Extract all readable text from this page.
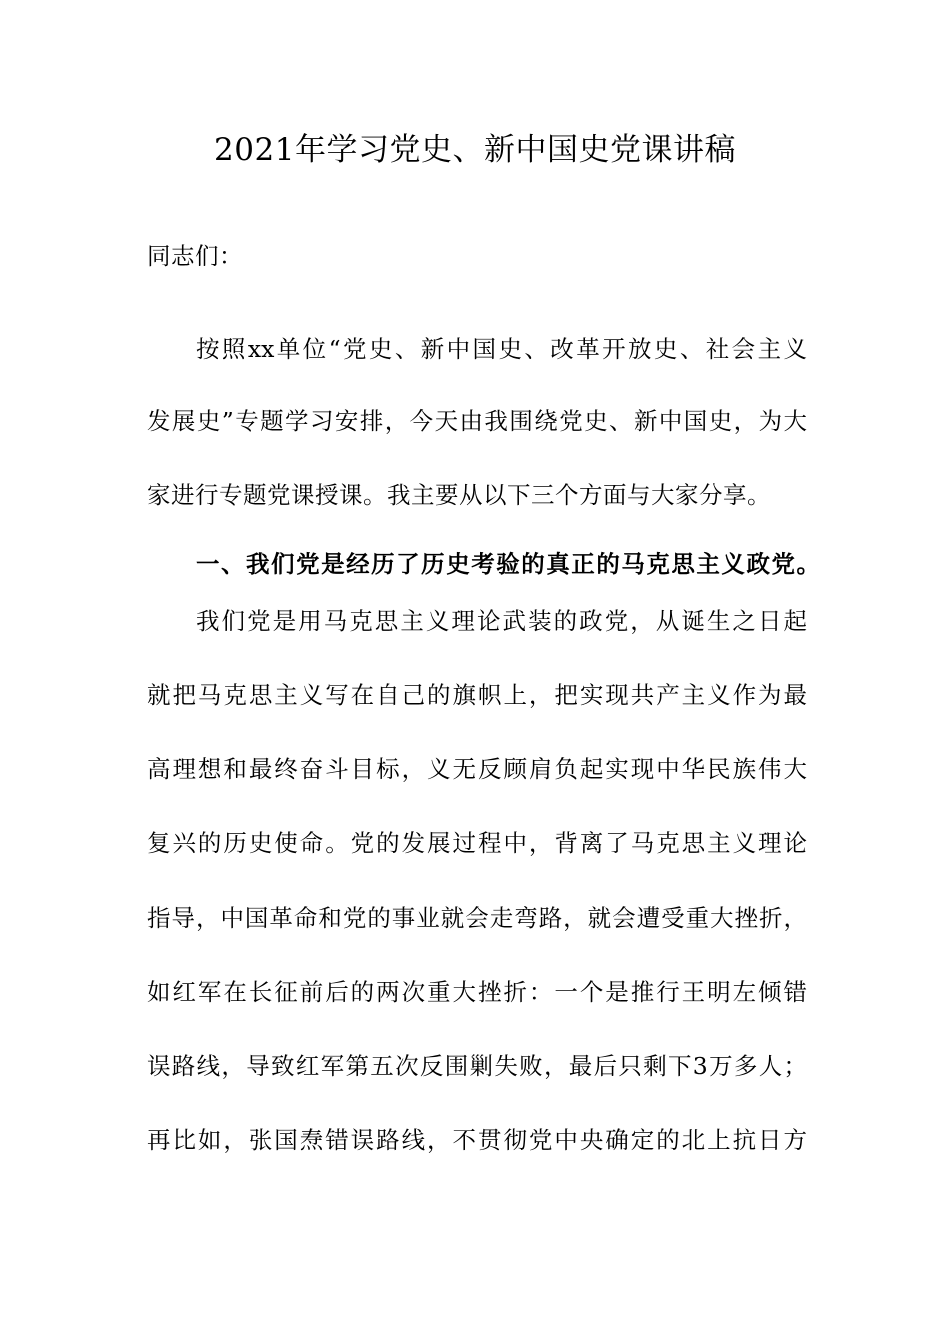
2021年学习党史、新中国史党课讲稿
同志们：
按照xx单位“党史、新中国史、改革开放史、社会主义
发展史”专题学习安排，今天由我围绕党史、新中国史，为大
家进行专题党课授课。我主要从以下三个方面与大家分享。
一、我们党是经历了历史考验的真正的马克思主义政党。
我们党是用马克思主义理论武装的政党，从诞生之日起
就把马克思主义写在自己的旗帜上，把实现共产主义作为最
高理想和最终奋斗目标，义无反顾肩负起实现中华民族伟大
复兴的历史使命。党的发展过程中，背离了马克思主义理论
指导，中国革命和党的事业就会走弯路，就会遭受重大挫折，
如红军在长征前后的两次重大挫折：一个是推行王明左倾错
误路线，导致红军第五次反围剿失败，最后只剩下3万多人；
再比如，张国焘错误路线，不贯彻党中央确定的北上抗日方
